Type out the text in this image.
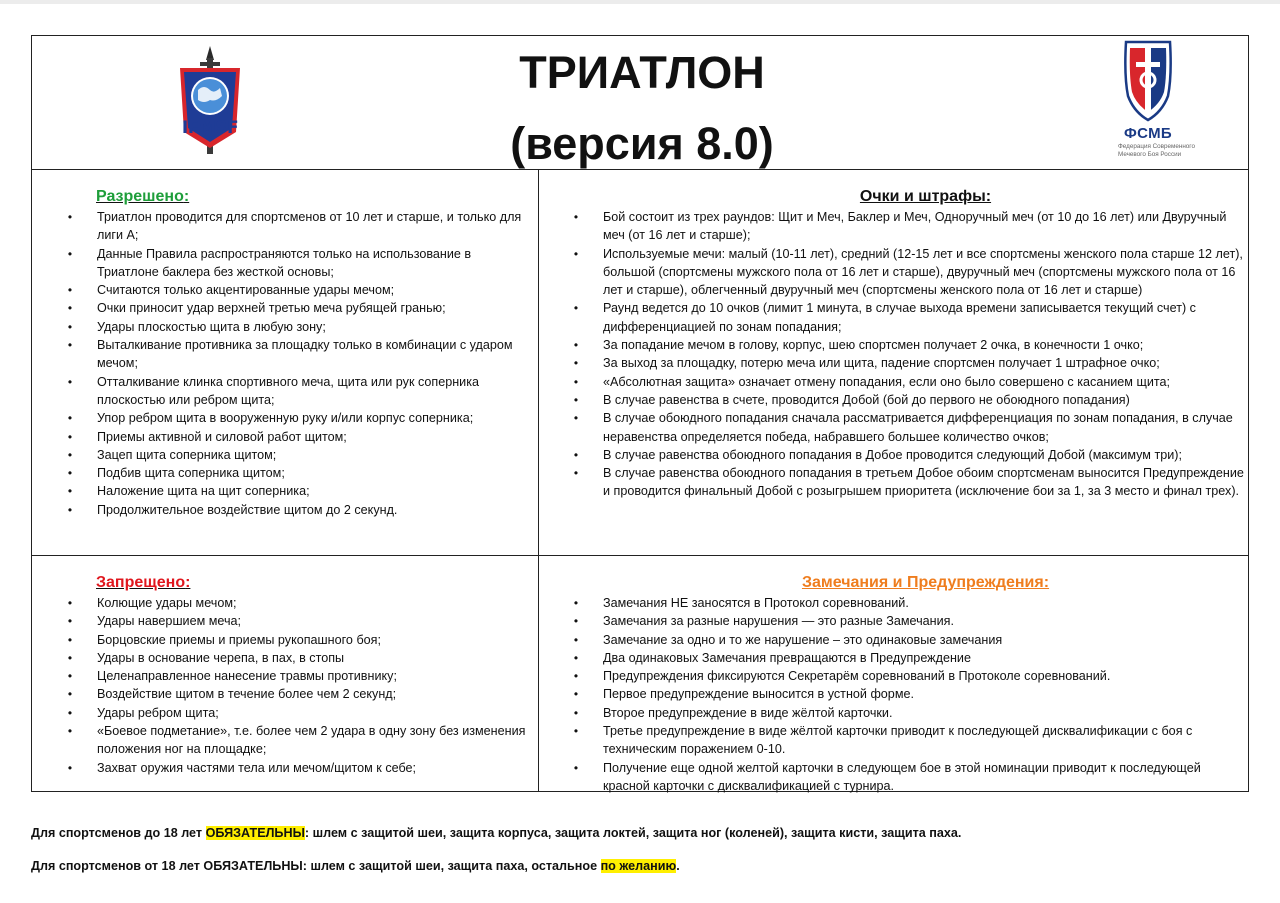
IFMSF
ТРИАТЛОН
(версия 8.0)	ФСМБ
Федерация Современного Мечевого Боя России
Разрешено:
• Триатлон проводится для спортсменов от 10 лет и старше, и только для лиги А;
• Данные Правила распространяются только на использование в Триатлоне баклера без жесткой основы;
• Считаются только акцентированные удары мечом;
• Очки приносит удар верхней третью меча рубящей гранью;
• Удары плоскостью щита в любую зону;
• Выталкивание противника за площадку только в комбинации с ударом мечом;
• Отталкивание клинка спортивного меча, щита или рук соперника плоскостью или ребром щита;
• Упор ребром щита в вооруженную руку и/или корпус соперника;
• Приемы активной и силовой работ щитом;
• Зацеп щита соперника щитом;
• Подбив щита соперника щитом;
• Наложение щита на щит соперника;
• Продолжительное воздействие щитом до 2 секунд.
Очки и штрафы:
• Бой состоит из трех раундов: Щит и Меч, Баклер и Меч, Одноручный меч (от 10 до 16 лет) или Двуручный меч (от 16 лет и старше);
• Используемые мечи: малый (10-11 лет), средний (12-15 лет и все спортсмены женского пола старше 12 лет), большой (спортсмены мужского пола от 16 лет и старше), двуручный меч (спортсмены мужского пола от 16 лет и старше), облегченный двуручный меч (спортсмены женского пола от 16 лет и старше)
• Раунд ведется до 10 очков (лимит 1 минута, в случае выхода времени записывается текущий счет) с дифференциацией по зонам попадания;
• За попадание мечом в голову, корпус, шею спортсмен получает 2 очка, в конечности 1 очко;
• За выход за площадку, потерю меча или щита, падение спортсмен получает 1 штрафное очко;
• «Абсолютная защита» означает отмену попадания, если оно было совершено с касанием щита;
• В случае равенства в счете, проводится Добой (бой до первого не обоюдного попадания)
• В случае обоюдного попадания сначала рассматривается дифференциация по зонам попадания, в случае неравенства определяется победа, набравшего большее количество очков;
• В случае равенства обоюдного попадания в Добое проводится следующий Добой (максимум три);
• В случае равенства обоюдного попадания в третьем Добое обоим спортсменам выносится Предупреждение и проводится финальный Добой с розыгрышем приоритета (исключение бои за 1, за 3 место и финал трех).
Запрещено:
• Колющие удары мечом;
• Удары навершием меча;
• Борцовские приемы и приемы рукопашного боя;
• Удары в основание черепа, в пах, в стопы
• Целенаправленное нанесение травмы противнику;
• Воздействие щитом в течение более чем 2 секунд;
• Удары ребром щита;
• «Боевое подметание», т.е. более чем 2 удара в одну зону без изменения положения ног на площадке;
• Захват оружия частями тела или мечом/щитом к себе;
Замечания и Предупреждения:
• Замечания НЕ заносятся в Протокол соревнований.
• Замечания за разные нарушения — это разные Замечания.
• Замечание за одно и то же нарушение – это одинаковые замечания
• Два одинаковых Замечания превращаются в Предупреждение
• Предупреждения фиксируются Секретарём соревнований в Протоколе соревнований.
• Первое предупреждение выносится в устной форме.
• Второе предупреждение в виде жёлтой карточки.
• Третье предупреждение в виде жёлтой карточки приводит к последующей дисквалификации с боя с техническим поражением 0-10.
• Получение еще одной желтой карточки в следующем бое в этой номинации приводит к последующей красной карточки с дисквалификацией с турнира.
Для спортсменов до 18 лет ОБЯЗАТЕЛЬНЫ: шлем с защитой шеи, защита корпуса, защита локтей, защита ног (коленей), защита кисти, защита паха.
Для спортсменов от 18 лет ОБЯЗАТЕЛЬНЫ: шлем с защитой шеи, защита паха, остальное по желанию.
